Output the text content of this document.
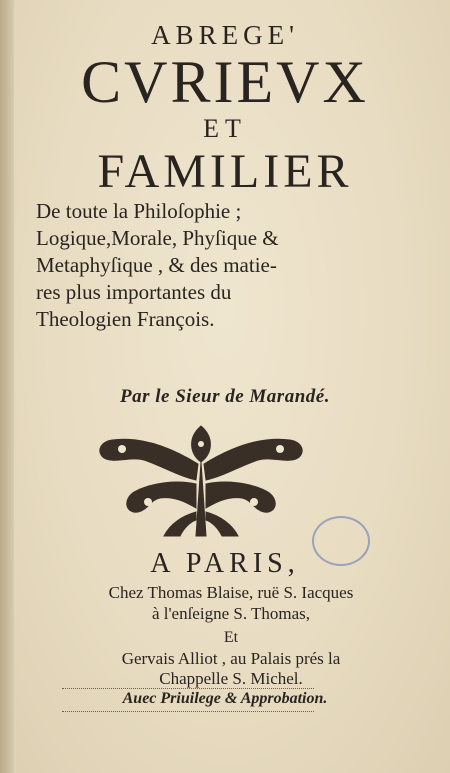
ABREGE'
CVRIEVX
ET
FAMILIER
De toute la Philoſophie ;
Logique,Morale, Phyſique &
Metaphyſique , & des matie-
res plus importantes du
Theologien François.
Par le Sieur de Marandé.
A PARIS,
Chez Thomas Blaise, ruë S. Iacques
à l'enſeigne S. Thomas,
Et
Gervais Alliot , au Palais prés la
Chappelle S. Michel.
Auec Priuilege & Approbation.
